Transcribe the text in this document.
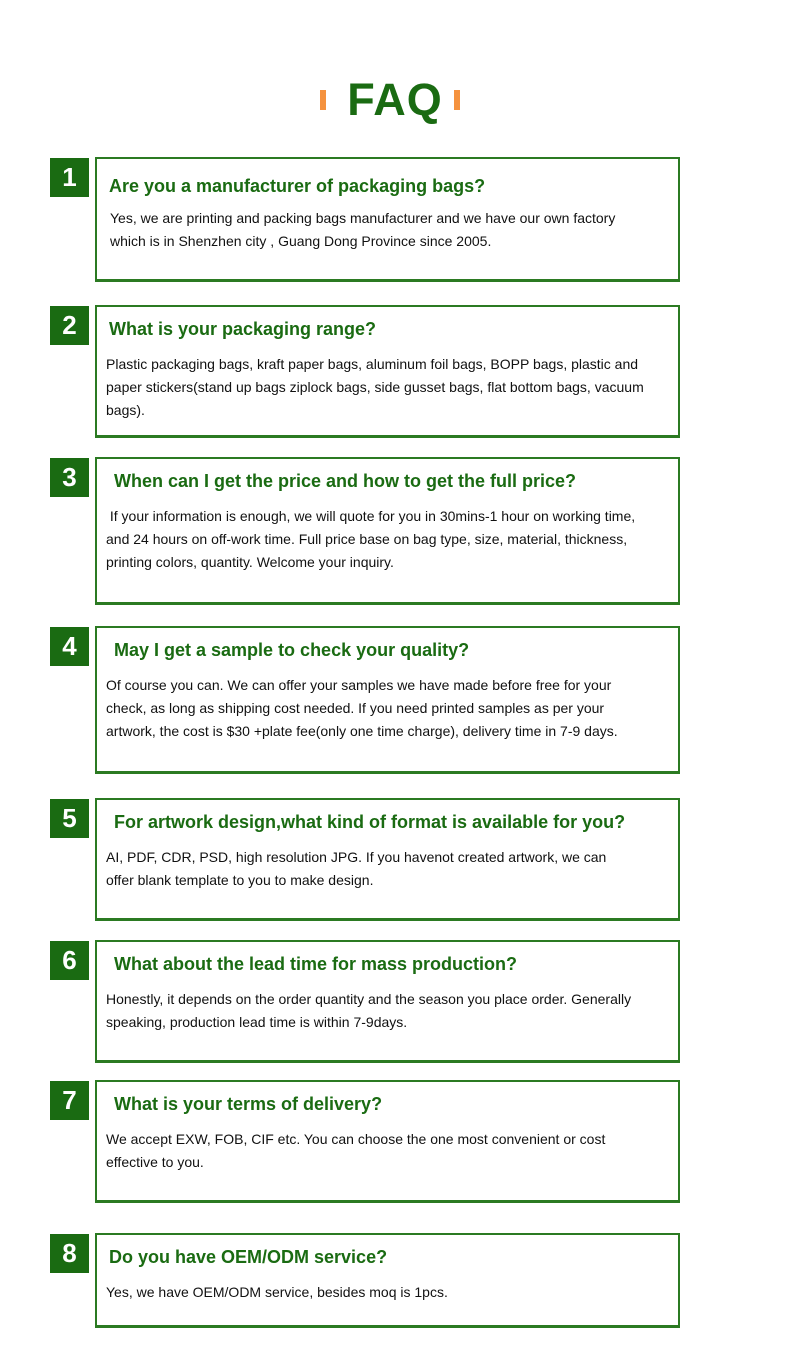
FAQ
1	Are you a manufacturer of packaging bags?
Yes, we are printing and packing bags manufacturer and we have our own factory
which is in Shenzhen city , Guang Dong Province since 2005.
2	What is your packaging range?
Plastic packaging bags, kraft paper bags, aluminum foil bags, BOPP bags, plastic and
paper stickers(stand up bags ziplock bags, side gusset bags, flat bottom bags, vacuum
bags).
3	When can I get the price and how to get the full price?
If your information is enough, we will quote for you in 30mins-1 hour on working time,
and 24 hours on off-work time. Full price base on bag type, size, material, thickness,
printing colors, quantity. Welcome your inquiry.
4	May I get a sample to check your quality?
Of course you can. We can offer your samples we have made before free for your
check, as long as shipping cost needed. If you need printed samples as per your
artwork, the cost is $30 +plate fee(only one time charge), delivery time in 7-9 days.
5	For artwork design,what kind of format is available for you?
AI, PDF, CDR, PSD, high resolution JPG. If you havenot created artwork, we can
offer blank template to you to make design.
6	What about the lead time for mass production?
Honestly, it depends on the order quantity and the season you place order. Generally
speaking, production lead time is within 7-9days.
7	What is your terms of delivery?
We accept EXW, FOB, CIF etc. You can choose the one most convenient or cost
effective to you.
8	Do you have OEM/ODM service?
Yes, we have OEM/ODM service, besides moq is 1pcs.
